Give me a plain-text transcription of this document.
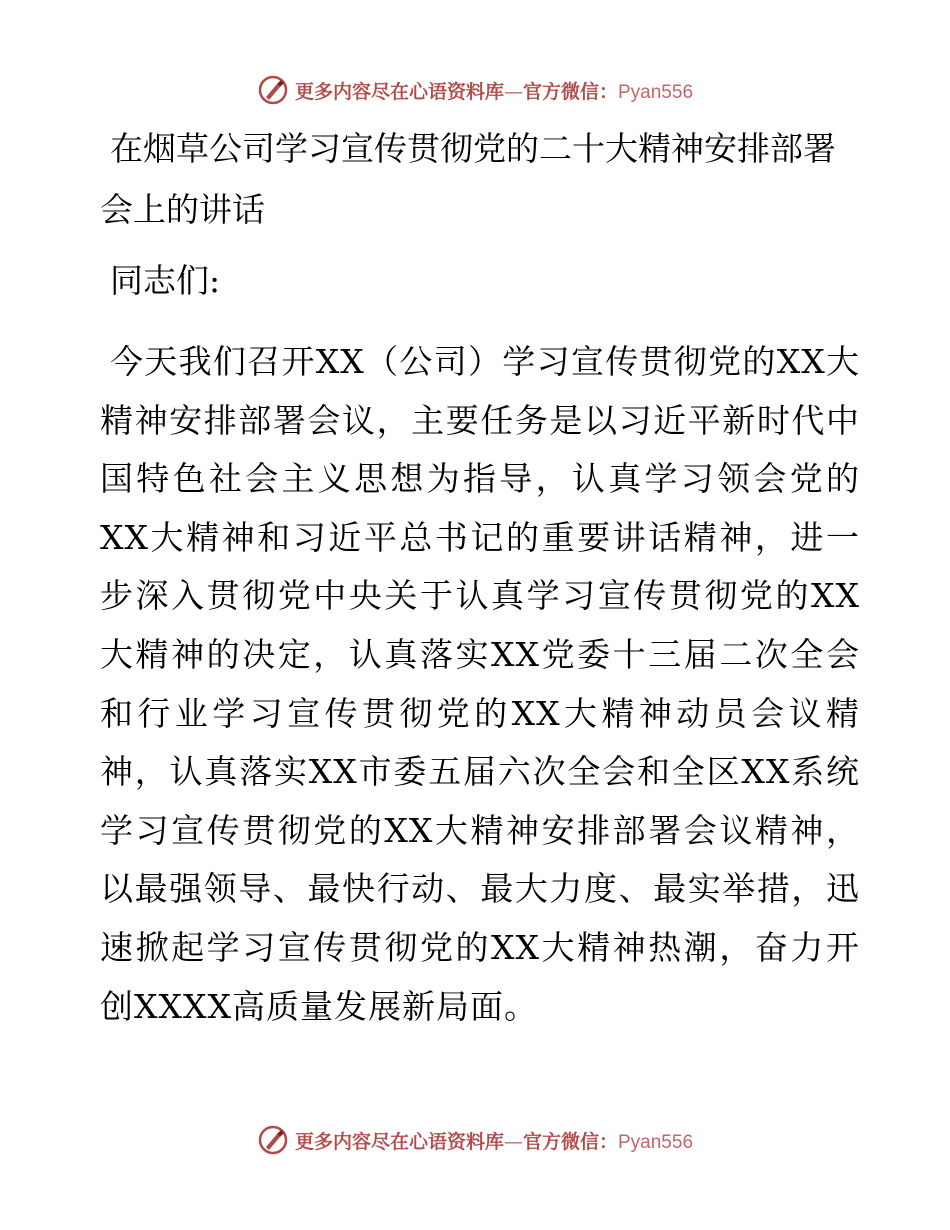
更多内容尽在心语资料库—官方微信：Pyan556
在烟草公司学习宣传贯彻党的二十大精神安排部署会上的讲话

同志们:

今天我们召开XX（公司）学习宣传贯彻党的XX大精神安排部署会议，主要任务是以习近平新时代中国特色社会主义思想为指导，认真学习领会党的XX大精神和习近平总书记的重要讲话精神，进一步深入贯彻党中央关于认真学习宣传贯彻党的XX大精神的决定，认真落实XX党委十三届二次全会和行业学习宣传贯彻党的XX大精神动员会议精神，认真落实XX市委五届六次全会和全区XX系统学习宣传贯彻党的XX大精神安排部署会议精神，以最强领导、最快行动、最大力度、最实举措，迅速掀起学习宣传贯彻党的XX大精神热潮，奋力开创XXXX高质量发展新局面。

更多内容尽在心语资料库—官方微信：Pyan556
